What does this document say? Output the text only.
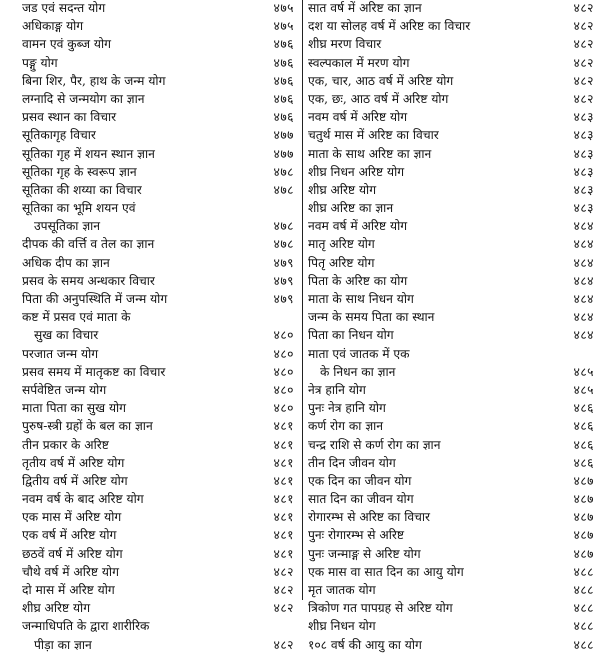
जड एवं सदन्त योग	४७५
अधिकाङ्ग योग	४७५
वामन एवं कुब्ज योग	४७६
पङ्गु योग	४७६
बिना शिर, पैर, हाथ के जन्म योग	४७६
लग्नादि से जन्मयोग का ज्ञान	४७६
प्रसव स्थान का विचार	४७६
सूतिकागृह विचार	४७७
सूतिका गृह में शयन स्थान ज्ञान	४७७
सूतिका गृह के स्वरूप ज्ञान	४७८
सूतिका की शय्या का विचार	४७८
सूतिका का भूमि शयन एवं
उपसूतिका ज्ञान	४७८
दीपक की वर्त्ति व तेल का ज्ञान	४७८
अधिक दीप का ज्ञान	४७९
प्रसव के समय अन्धकार विचार	४७९
पिता की अनुपस्थिति में जन्म योग	४७९
कष्ट में प्रसव एवं माता के
सुख का विचार	४८०
परजात जन्म योग	४८०
प्रसव समय में मातृकष्ट का विचार	४८०
सर्पवेष्टित जन्म योग	४८०
माता पिता का सुख योग	४८०
पुरुष-स्त्री ग्रहों के बल का ज्ञान	४८१
तीन प्रकार के अरिष्ट	४८१
तृतीय वर्ष में अरिष्ट योग	४८१
द्वितीय वर्ष में अरिष्ट योग	४८१
नवम वर्ष के बाद अरिष्ट योग	४८१
एक मास में अरिष्ट योग	४८१
एक वर्ष में अरिष्ट योग	४८१
छठवें वर्ष में अरिष्ट योग	४८१
चौथे वर्ष में अरिष्ट योग	४८२
दो मास में अरिष्ट योग	४८२
शीघ्र अरिष्ट योग	४८२
जन्माधिपति के द्वारा शारीरिक
पीड़ा का ज्ञान	४८२
सात वर्ष में अरिष्ट का ज्ञान	४८२
दश या सोलह वर्ष में अरिष्ट का विचार	४८२
शीघ्र मरण विचार	४८२
स्वल्पकाल में मरण योग	४८२
एक, चार, आठ वर्ष में अरिष्ट योग	४८२
एक, छः, आठ वर्ष में अरिष्ट योग	४८२
नवम वर्ष में अरिष्ट योग	४८३
चतुर्थ मास में अरिष्ट का विचार	४८३
माता के साथ अरिष्ट का ज्ञान	४८३
शीघ्र निधन अरिष्ट योग	४८३
शीघ्र अरिष्ट योग	४८३
शीघ्र अरिष्ट का ज्ञान	४८३
नवम वर्ष में अरिष्ट योग	४८४
मातृ अरिष्ट योग	४८४
पितृ अरिष्ट योग	४८४
पिता के अरिष्ट का योग	४८४
माता के साथ निधन योग	४८४
जन्म के समय पिता का स्थान	४८४
पिता का निधन योग	४८४
माता एवं जातक में एक
के निधन का ज्ञान	४८५
नेत्र हानि योग	४८५
पुनः नेत्र हानि योग	४८६
कर्ण रोग का ज्ञान	४८६
चन्द्र राशि से कर्ण रोग का ज्ञान	४८६
तीन दिन जीवन योग	४८६
एक दिन का जीवन योग	४८७
सात दिन का जीवन योग	४८७
रोगारम्भ से अरिष्ट का विचार	४८७
पुनः रोगारम्भ से अरिष्ट	४८७
पुनः जन्माङ्ग से अरिष्ट योग	४८७
एक मास वा सात दिन का आयु योग	४८८
मृत जातक योग	४८८
त्रिकोण गत पापग्रह से अरिष्ट योग	४८८
शीघ्र निधन योग	४८८
१०८ वर्ष की आयु का योग	४८८
